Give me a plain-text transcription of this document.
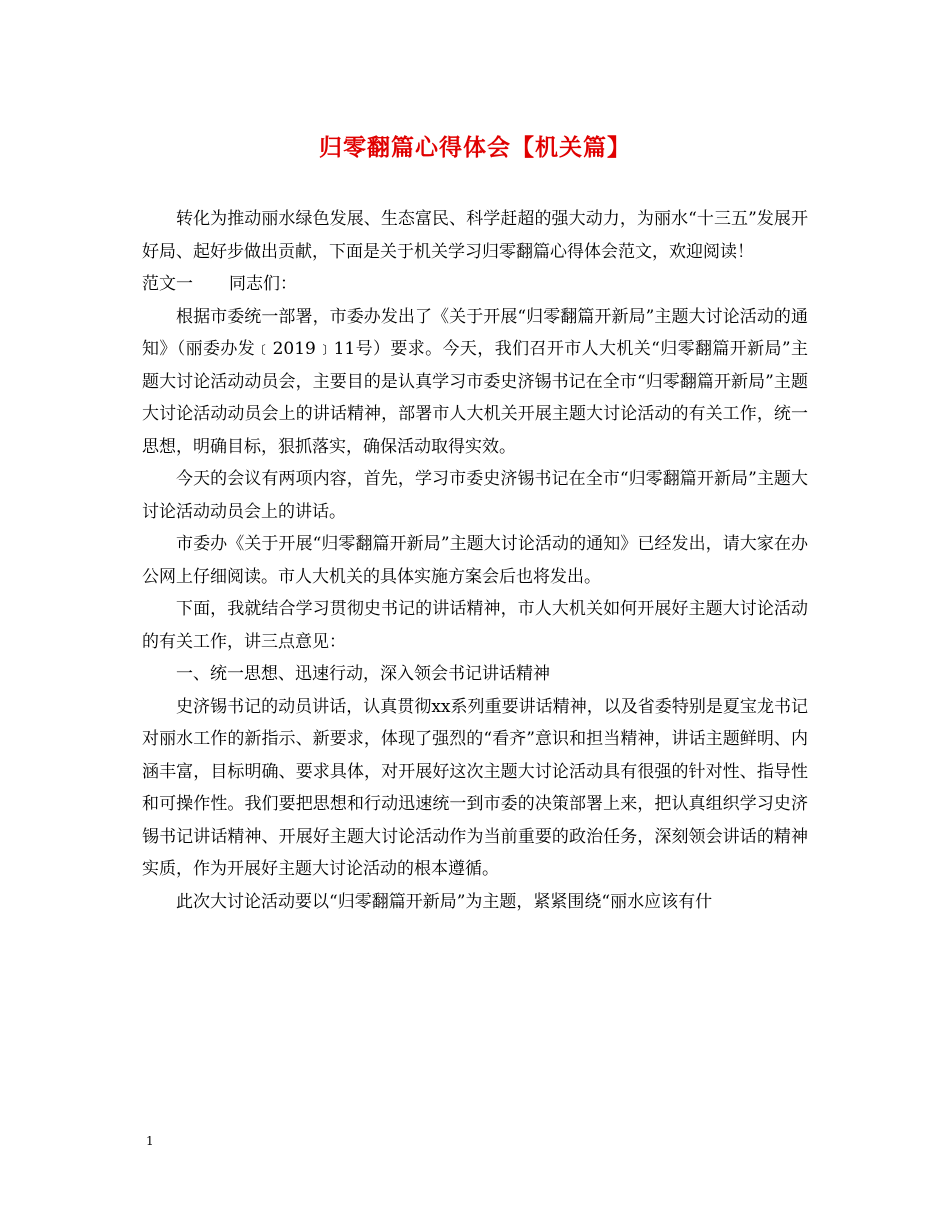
归零翻篇心得体会【机关篇】

转化为推动丽水绿色发展、生态富民、科学赶超的强大动力，为丽水“十三五”发展开好局、起好步做出贡献，下面是关于机关学习归零翻篇心得体会范文，欢迎阅读！

范文一 同志们：

根据市委统一部署，市委办发出了《关于开展“归零翻篇开新局”主题大讨论活动的通知》（丽委办发﹝2019﹞11号）要求。今天，我们召开市人大机关“归零翻篇开新局”主题大讨论活动动员会，主要目的是认真学习市委史济锡书记在全市“归零翻篇开新局”主题大讨论活动动员会上的讲话精神，部署市人大机关开展主题大讨论活动的有关工作，统一思想，明确目标，狠抓落实，确保活动取得实效。

今天的会议有两项内容，首先，学习市委史济锡书记在全市“归零翻篇开新局”主题大讨论活动动员会上的讲话。

市委办《关于开展“归零翻篇开新局”主题大讨论活动的通知》已经发出，请大家在办公网上仔细阅读。市人大机关的具体实施方案会后也将发出。

下面，我就结合学习贯彻史书记的讲话精神，市人大机关如何开展好主题大讨论活动的有关工作，讲三点意见：

一、统一思想、迅速行动，深入领会书记讲话精神

史济锡书记的动员讲话，认真贯彻xx系列重要讲话精神，以及省委特别是夏宝龙书记对丽水工作的新指示、新要求，体现了强烈的“看齐”意识和担当精神，讲话主题鲜明、内涵丰富，目标明确、要求具体，对开展好这次主题大讨论活动具有很强的针对性、指导性和可操作性。我们要把思想和行动迅速统一到市委的决策部署上来，把认真组织学习史济锡书记讲话精神、开展好主题大讨论活动作为当前重要的政治任务，深刻领会讲话的精神实质，作为开展好主题大讨论活动的根本遵循。

此次大讨论活动要以“归零翻篇开新局”为主题，紧紧围绕“丽水应该有什

1
